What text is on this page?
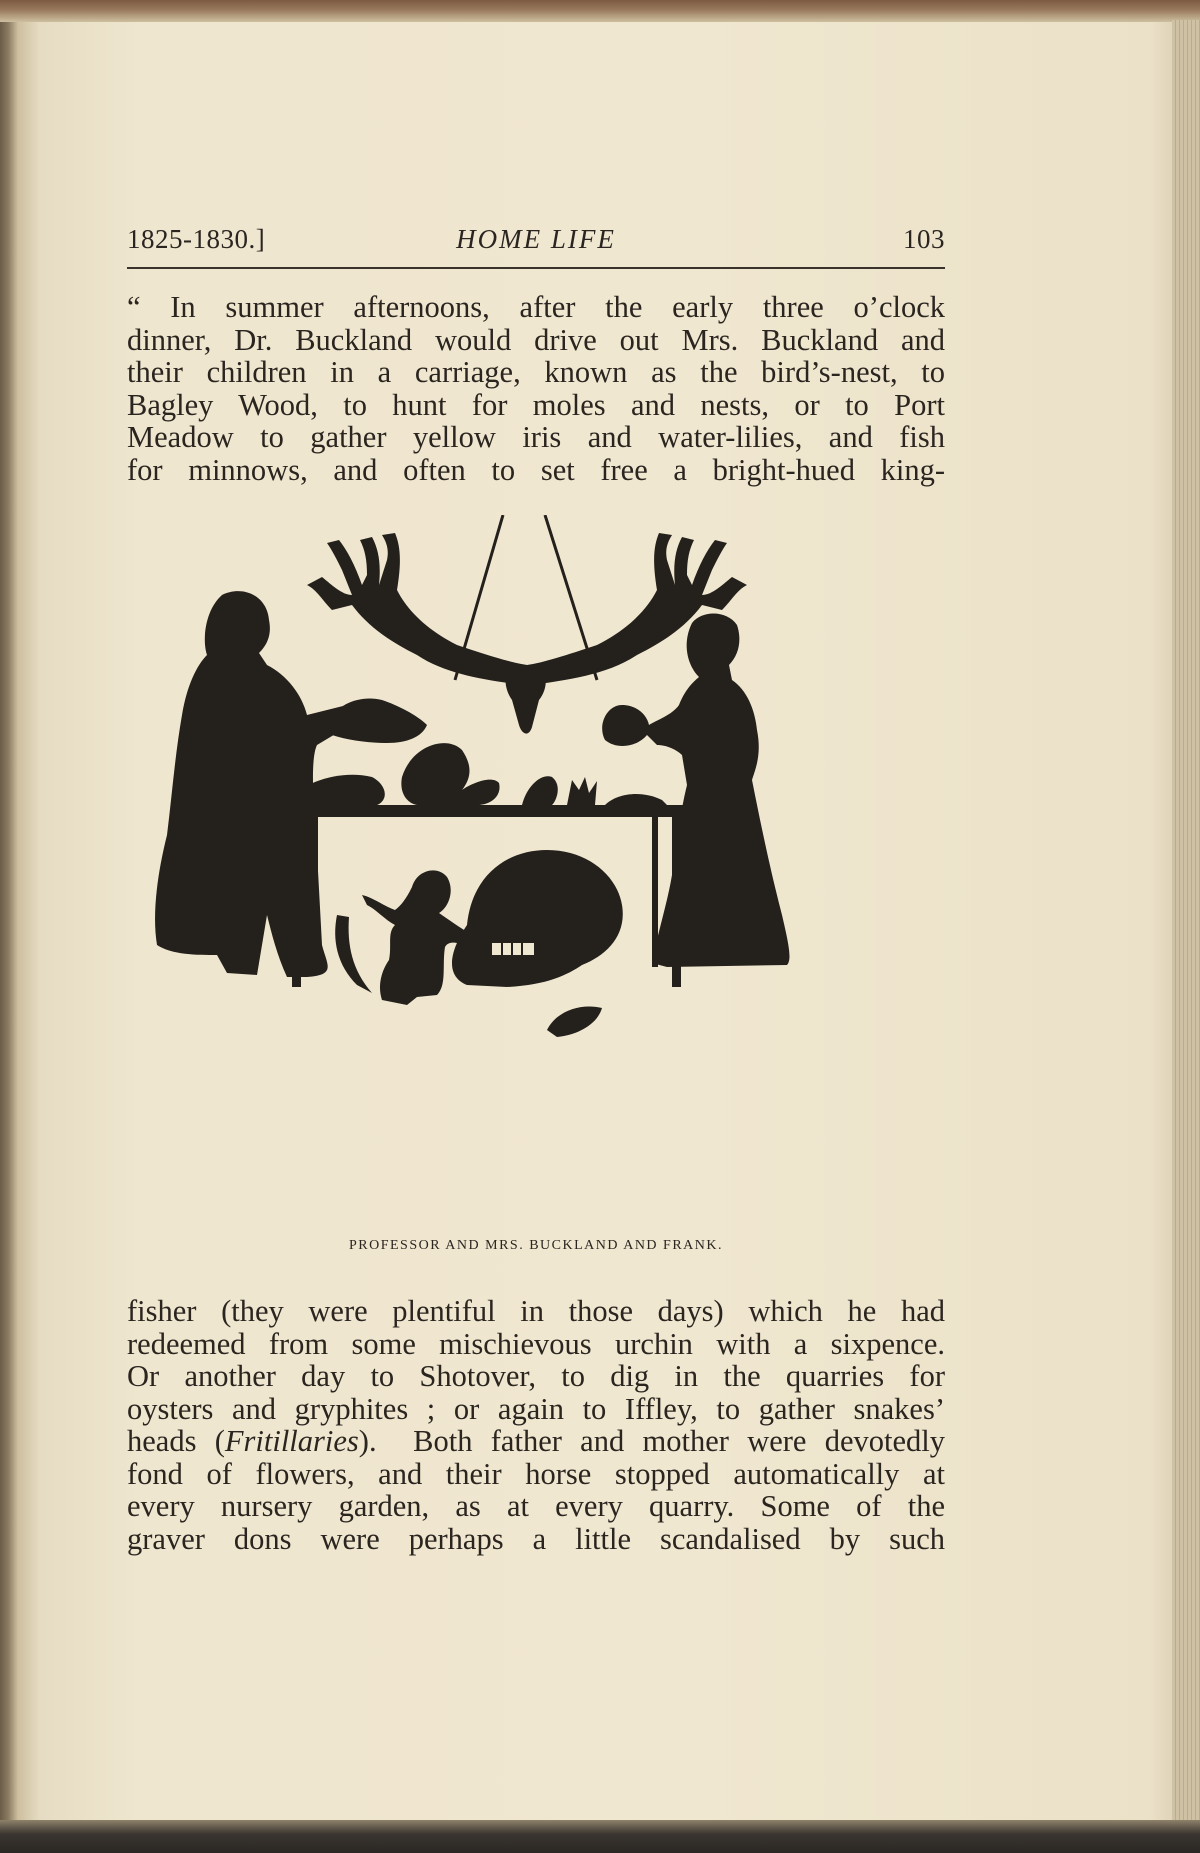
1825-1830.]	HOME LIFE	103
“ In summer afternoons, after the early three o’clock
dinner, Dr. Buckland would drive out Mrs. Buckland and
their children in a carriage, known as the bird’s-nest, to
Bagley Wood, to hunt for moles and nests, or to Port
Meadow to gather yellow iris and water-lilies, and fish
for minnows, and often to set free a bright-hued king-
PROFESSOR AND MRS. BUCKLAND AND FRANK.
fisher (they were plentiful in those days) which he had
redeemed from some mischievous urchin with a sixpence.
Or another day to Shotover, to dig in the quarries for
oysters and gryphites ; or again to Iffley, to gather snakes’
heads (Fritillaries). Both father and mother were devotedly
fond of flowers, and their horse stopped automatically at
every nursery garden, as at every quarry. Some of the
graver dons were perhaps a little scandalised by such
